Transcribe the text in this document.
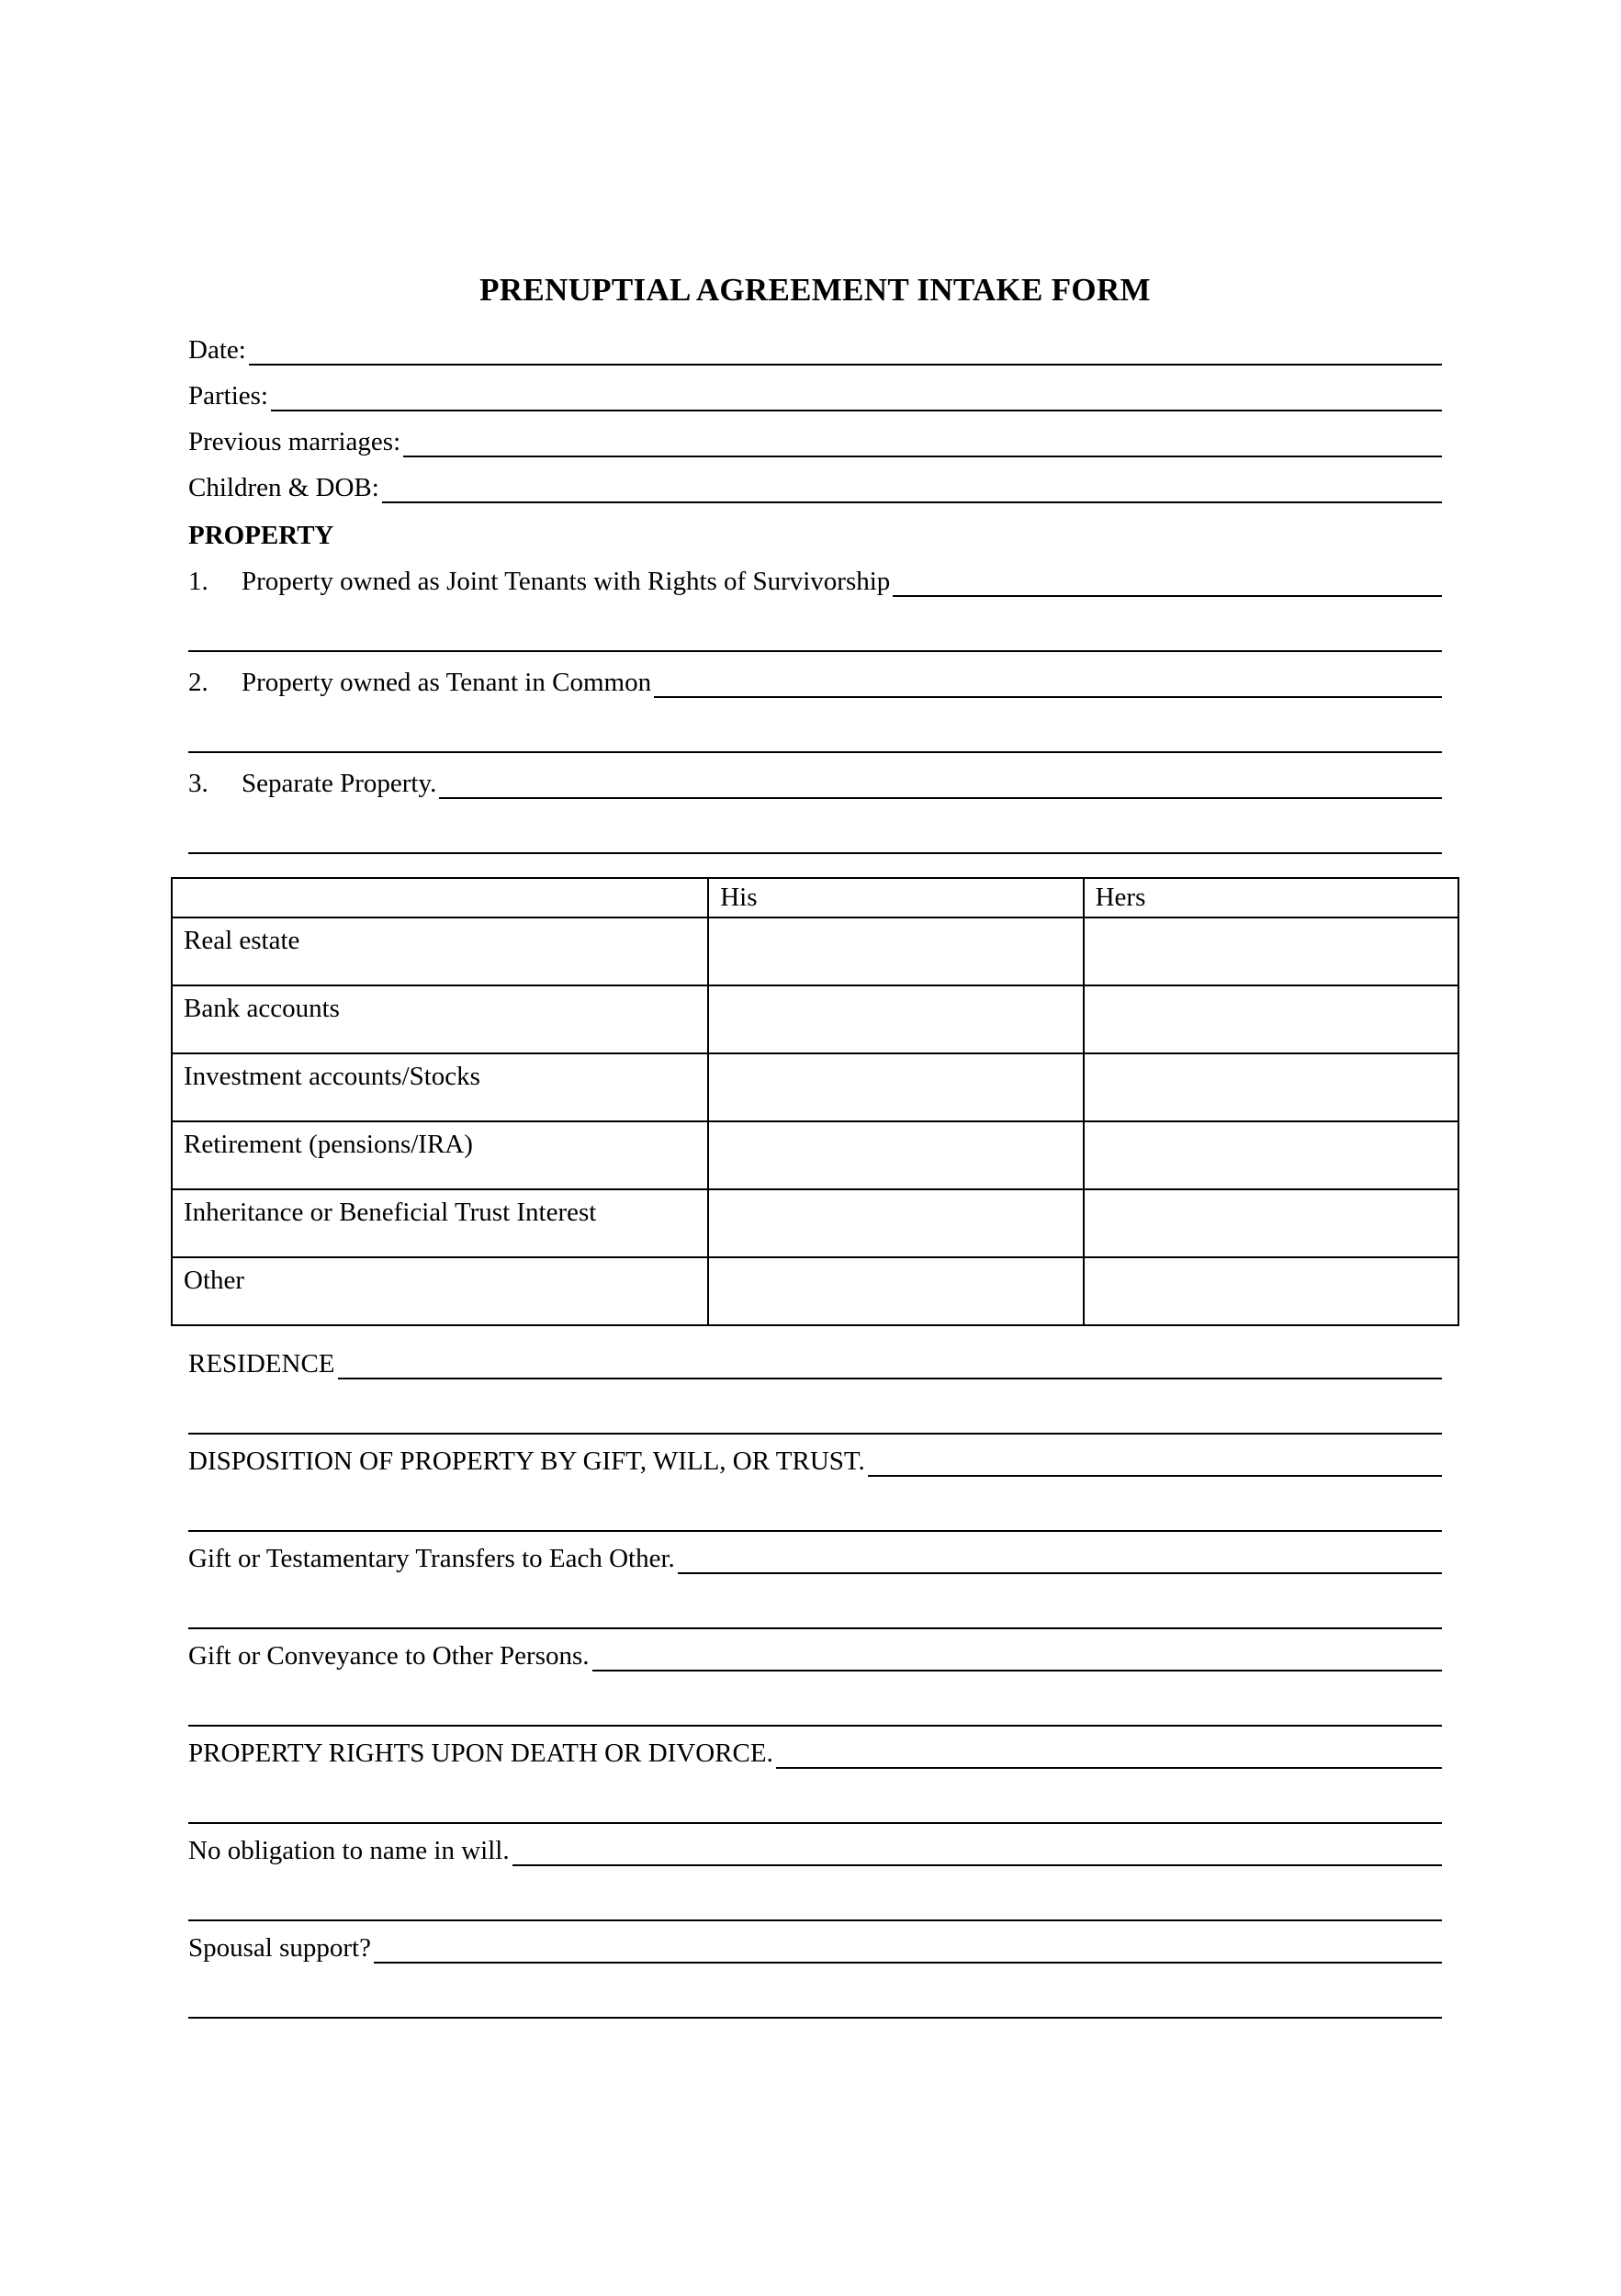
PRENUPTIAL AGREEMENT INTAKE FORM
Date:
Parties:
Previous marriages:
Children & DOB:
PROPERTY
1.	Property owned as Joint Tenants with Rights of Survivorship
2.	Property owned as Tenant in Common
3.	Separate Property.
	His	Hers
Real estate		
Bank accounts		
Investment accounts/Stocks		
Retirement (pensions/IRA)		
Inheritance or Beneficial Trust Interest		
Other		
RESIDENCE
DISPOSITION OF PROPERTY BY GIFT, WILL, OR TRUST.
Gift or Testamentary Transfers to Each Other.
Gift or Conveyance to Other Persons.
PROPERTY RIGHTS UPON DEATH OR DIVORCE.
No obligation to name in will.
Spousal support?
